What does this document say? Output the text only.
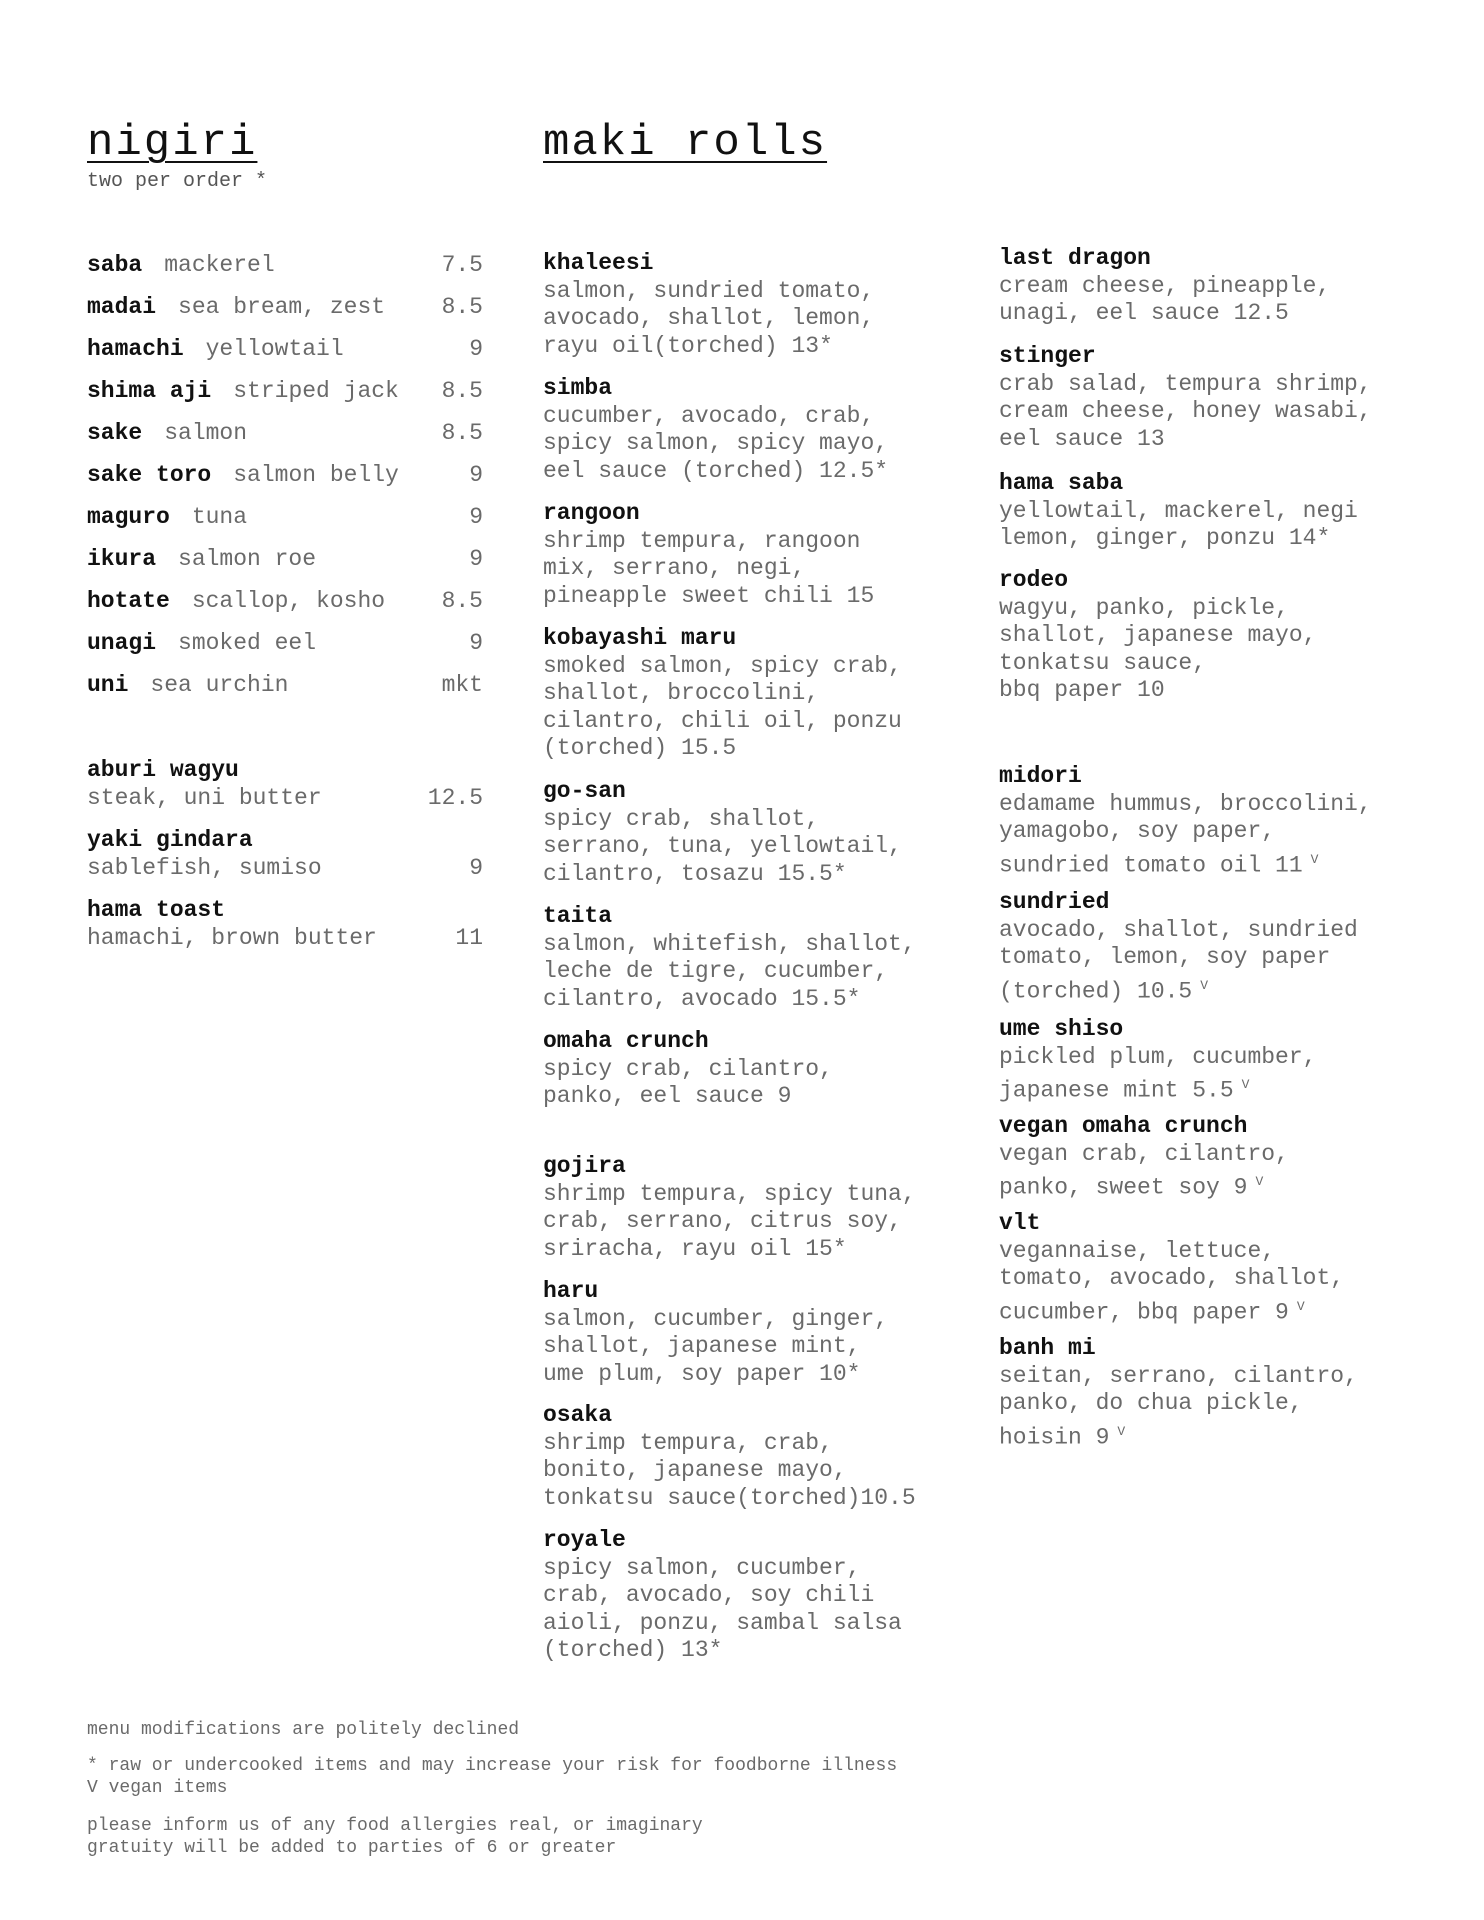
nigiri
two per order *
maki rolls
saba mackerel	7.5
madai sea bream, zest 8.5
hamachi yellowtail	9
shima aji striped jack 8.5
sake salmon	8.5
sake toro salmon belly	9
maguro tuna	9
ikura salmon roe	9
hotate scallop, kosho 8.5
unagi smoked eel	9
uni sea urchin	mkt
aburi wagyu
steak, uni butter	12.5
yaki gindara
sablefish, sumiso	9
hama toast
hamachi, brown butter	11
khaleesi
salmon, sundried tomato,
avocado, shallot, lemon,
rayu oil(torched) 13*
simba
cucumber, avocado, crab,
spicy salmon, spicy mayo,
eel sauce (torched) 12.5*
rangoon
shrimp tempura, rangoon
mix, serrano, negi,
pineapple sweet chili 15
kobayashi maru
smoked salmon, spicy crab,
shallot, broccolini,
cilantro, chili oil, ponzu
(torched) 15.5
go-san
spicy crab, shallot,
serrano, tuna, yellowtail,
cilantro, tosazu 15.5*
taita
salmon, whitefish, shallot,
leche de tigre, cucumber,
cilantro, avocado 15.5*
omaha crunch
spicy crab, cilantro,
panko, eel sauce 9
gojira
shrimp tempura, spicy tuna,
crab, serrano, citrus soy,
sriracha, rayu oil 15*
haru
salmon, cucumber, ginger,
shallot, japanese mint,
ume plum, soy paper 10*
osaka
shrimp tempura, crab,
bonito, japanese mayo,
tonkatsu sauce(torched)10.5
royale
spicy salmon, cucumber,
crab, avocado, soy chili
aioli, ponzu, sambal salsa
(torched) 13*
last dragon
cream cheese, pineapple,
unagi, eel sauce 12.5
stinger
crab salad, tempura shrimp,
cream cheese, honey wasabi,
eel sauce 13
hama saba
yellowtail, mackerel, negi
lemon, ginger, ponzu 14*
rodeo
wagyu, panko, pickle,
shallot, japanese mayo,
tonkatsu sauce,
bbq paper 10
midori
edamame hummus, broccolini,
yamagobo, soy paper,
sundried tomato oil 11 $^V$
sundried
avocado, shallot, sundried
tomato, lemon, soy paper
(torched) 10.5 $^V$
ume shiso
pickled plum, cucumber,
japanese mint 5.5 $^V$
vegan omaha crunch
vegan crab, cilantro,
panko, sweet soy 9 $^V$
vlt
vegannaise, lettuce,
tomato, avocado, shallot,
cucumber, bbq paper 9 $^V$
banh mi
seitan, serrano, cilantro,
panko, do chua pickle,
hoisin 9 $^V$
menu modifications are politely declined
* raw or undercooked items and may increase your risk for foodborne illness
V vegan items
please inform us of any food allergies real, or imaginary
gratuity will be added to parties of 6 or greater
